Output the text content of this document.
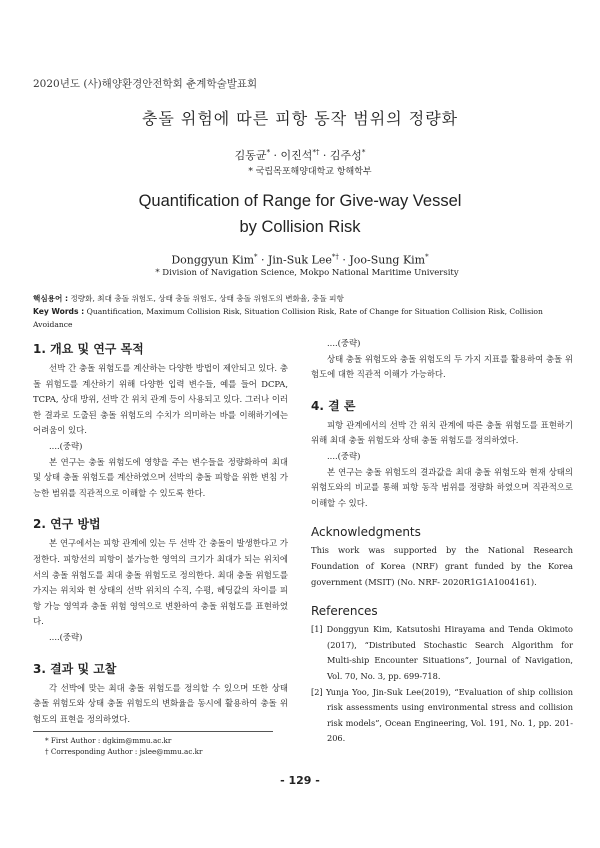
2020년도 (사)해양환경안전학회 춘계학술발표회
충돌 위험에 따른 피항 동작 범위의 정량화
김동균* · 이진석*† · 김주성*
* 국립목포해양대학교 항해학부
Quantification of Range for Give-way Vessel
by Collision Risk
Donggyun Kim* · Jin-Suk Lee*† · Joo-Sung Kim*
* Division of Navigation Science, Mokpo National Maritime University
핵심용어 : 정량화, 최대 충돌 위험도, 상태 충돌 위험도, 상태 충돌 위험도의 변화율, 충돌 피항
Key Words : Quantification, Maximum Collision Risk, Situation Collision Risk, Rate of Change for Situation Collision Risk, Collision Avoidance
1. 개요 및 연구 목적
선박 간 충돌 위험도를 계산하는 다양한 방법이 제안되고 있다. 충돌 위험도를 계산하기 위해 다양한 입력 변수들, 예를 들어 DCPA, TCPA, 상대 방위, 선박 간 위치 관계 등이 사용되고 있다. 그러나 이러한 결과로 도출된 충돌 위험도의 수치가 의미하는 바를 이해하기에는 어려움이 있다.
....(중략)
본 연구는 충돌 위험도에 영향을 주는 변수들을 정량화하여 최대 및 상태 충돌 위험도를 계산하였으며 선박의 충돌 피항을 위한 변침 가능한 범위를 직관적으로 이해할 수 있도록 한다.
2. 연구 방법
본 연구에서는 피항 관계에 있는 두 선박 간 충돌이 발생한다고 가정한다. 피항선의 피항이 불가능한 영역의 크기가 최대가 되는 위치에서의 충돌 위험도를 최대 충돌 위험도로 정의한다. 최대 충돌 위험도를 가지는 위치와 현 상태의 선박 위치의 수직, 수평, 헤딩값의 차이를 피항 가능 영역과 충돌 위험 영역으로 변환하여 충돌 위험도를 표현하였다.
....(중략)
3. 결과 및 고찰
각 선박에 맞는 최대 충돌 위험도를 정의할 수 있으며 또한 상태 충돌 위험도와 상태 충돌 위험도의 변화율을 동시에 활용하여 충돌 위험도의 표현을 정의하였다.
....(중략)
상태 충돌 위험도와 충돌 위험도의 두 가지 지표를 활용하여 충돌 위험도에 대한 직관적 이해가 가능하다.
4. 결 론
피항 관계에서의 선박 간 위치 관계에 따른 충돌 위험도를 표현하기 위해 최대 충돌 위험도와 상태 충돌 위험도를 정의하였다.
....(중략)
본 연구는 충돌 위험도의 결과값을 최대 충돌 위험도와 현재 상태의 위험도와의 비교를 통해 피항 동작 범위를 정량화 하였으며 직관적으로 이해할 수 있다.
Acknowledgments
This work was supported by the National Research Foundation of Korea (NRF) grant funded by the Korea government (MSIT) (No. NRF- 2020R1G1A1004161).
References

[1] Donggyun Kim, Katsutoshi Hirayama and Tenda Okimoto (2017), “Distributed Stochastic Search Algorithm for Multi-ship Encounter Situations”, Journal of Navigation, Vol. 70, No. 3, pp. 699-718.

[2] Yunja Yoo, Jin-Suk Lee(2019), “Evaluation of ship collision risk assessments using environmental stress and collision risk models”, Ocean Engineering, Vol. 191, No. 1, pp. 201-206.

* First Author : dgkim@mmu.ac.kr
† Corresponding Author : jslee@mmu.ac.kr
- 129 -
